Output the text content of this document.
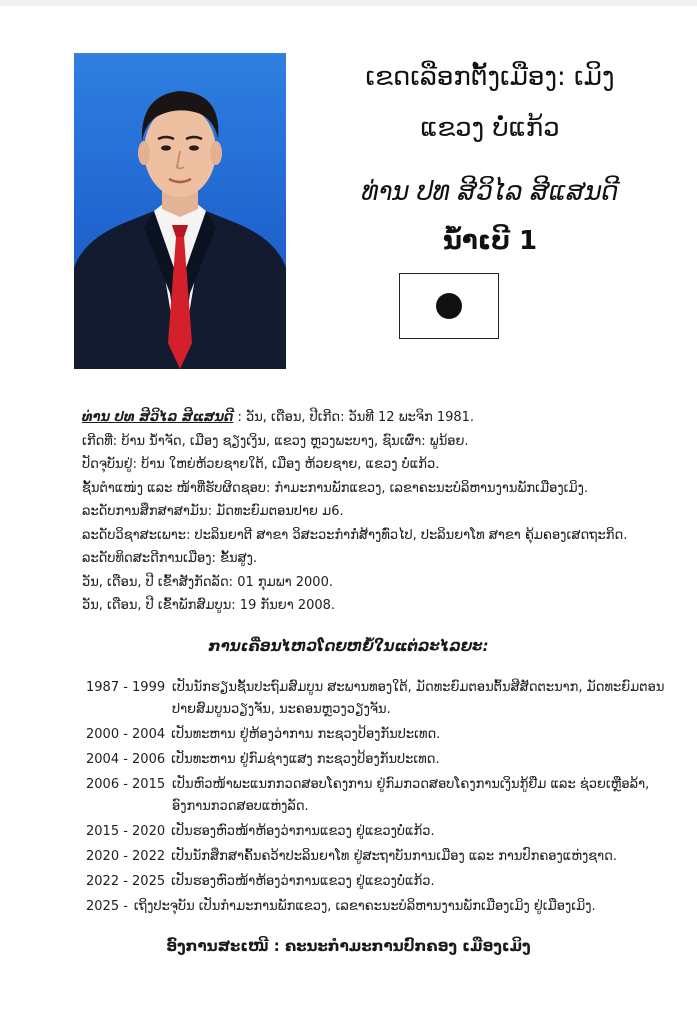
ເຂດເລືອກຕັ້ງເມືອງ: ເມິງ
ແຂວງ ບໍ່ແກ້ວ
ທ່ານ ປທ ສີວິໄລ ສີແສນດີ
ນໍ້າເບີ 1
ທ່ານ ປທ ສີວິໄລ ສີແສນດີ : ວັນ, ເດືອນ, ປີເກີດ: ວັນທີ 12 ພະຈິກ 1981.
ເກີດທີ່: ບ້ານ ນໍ້າຈັດ, ເມືອງ ຊຽງເງິນ, ແຂວງ ຫຼວງພະບາງ, ຊົນເຜົ່າ: ພູນ້ອຍ.
ປັດຈຸບັນຢູ່: ບ້ານ ໃຫຍ່ຫ້ວຍຊາຍໃຕ້, ເມືອງ ຫ້ວຍຊາຍ, ແຂວງ ບໍ່ແກ້ວ.
ຊັ້ນຕຳແໜ່ງ ແລະ ໜ້າທີ່ຮັບຜິດຊອບ: ກຳມະການພັກແຂວງ, ເລຂາຄະນະບໍລິຫານງານພັກເມືອງເມິງ.
ລະດັບການສຶກສາສາມັນ: ມັດທະຍົມຕອນປາຍ ມ6.
ລະດັບວິຊາສະເພາະ: ປະລິນຍາຕີ ສາຂາ ວິສະວະກຳກໍ່ສ້າງທົ່ວໄປ, ປະລິນຍາໂທ ສາຂາ ຄຸ້ມຄອງເສດຖະກິດ.
ລະດັບທິດສະດີການເມືອງ: ຂັ້ນສູງ.
ວັນ, ເດືອນ, ປີ ເຂົ້າສັງກັດລັດ: 01 ກຸມພາ 2000.
ວັນ, ເດືອນ, ປີ ເຂົ້າພັກສົມບູນ: 19 ກັນຍາ 2008.
ການເຄື່ອນໄຫວໂດຍຫຍໍ້ໃນແຕ່ລະໄລຍະ:
1987 - 1999 ເປັນນັກຮຽນຊັ້ນປະຖົມສົມບູນ ສະພານທອງໃຕ້, ມັດທະຍົມຕອນຕົ້ນສີສັດຕະນາກ, ມັດທະຍົມຕອນປາຍສົມບູນວຽງຈັນ, ນະຄອນຫຼວງວຽງຈັນ.
2000 - 2004 ເປັນທະຫານ ຢູ່ຫ້ອງວ່າການ ກະຊວງປ້ອງກັນປະເທດ.
2004 - 2006 ເປັນທະຫານ ຢູ່ກົມຊ່າງແສງ ກະຊວງປ້ອງກັນປະເທດ.
2006 - 2015 ເປັນຫົວໜ້າພະແນກກວດສອບໂຄງການ ຢູ່ກົມກວດສອບໂຄງການເງິນກູ້ຢືມ ແລະ ຊ່ວຍເຫຼືອລ້າ, ອົງການກວດສອບແຫ່ງລັດ.
2015 - 2020 ເປັນຮອງຫົວໜ້າຫ້ອງວ່າການແຂວງ ຢູ່ແຂວງບໍ່ແກ້ວ.
2020 - 2022 ເປັນນັກສຶກສາຄົ້ນຄວ້າປະລິນຍາໂທ ຢູ່ສະຖາບັນການເມືອງ ແລະ ການປົກຄອງແຫ່ງຊາດ.
2022 - 2025 ເປັນຮອງຫົວໜ້າຫ້ອງວ່າການແຂວງ ຢູ່ແຂວງບໍ່ແກ້ວ.
2025 - ເຖິງປະຈຸບັນ ເປັນກຳມະການພັກແຂວງ, ເລຂາຄະນະບໍລິຫານງານພັກເມືອງເມິງ ຢູ່ເມືອງເມິງ.
ອົງການສະເໜີ : ຄະນະກຳມະການປົກຄອງ ເມືອງເມິງ
